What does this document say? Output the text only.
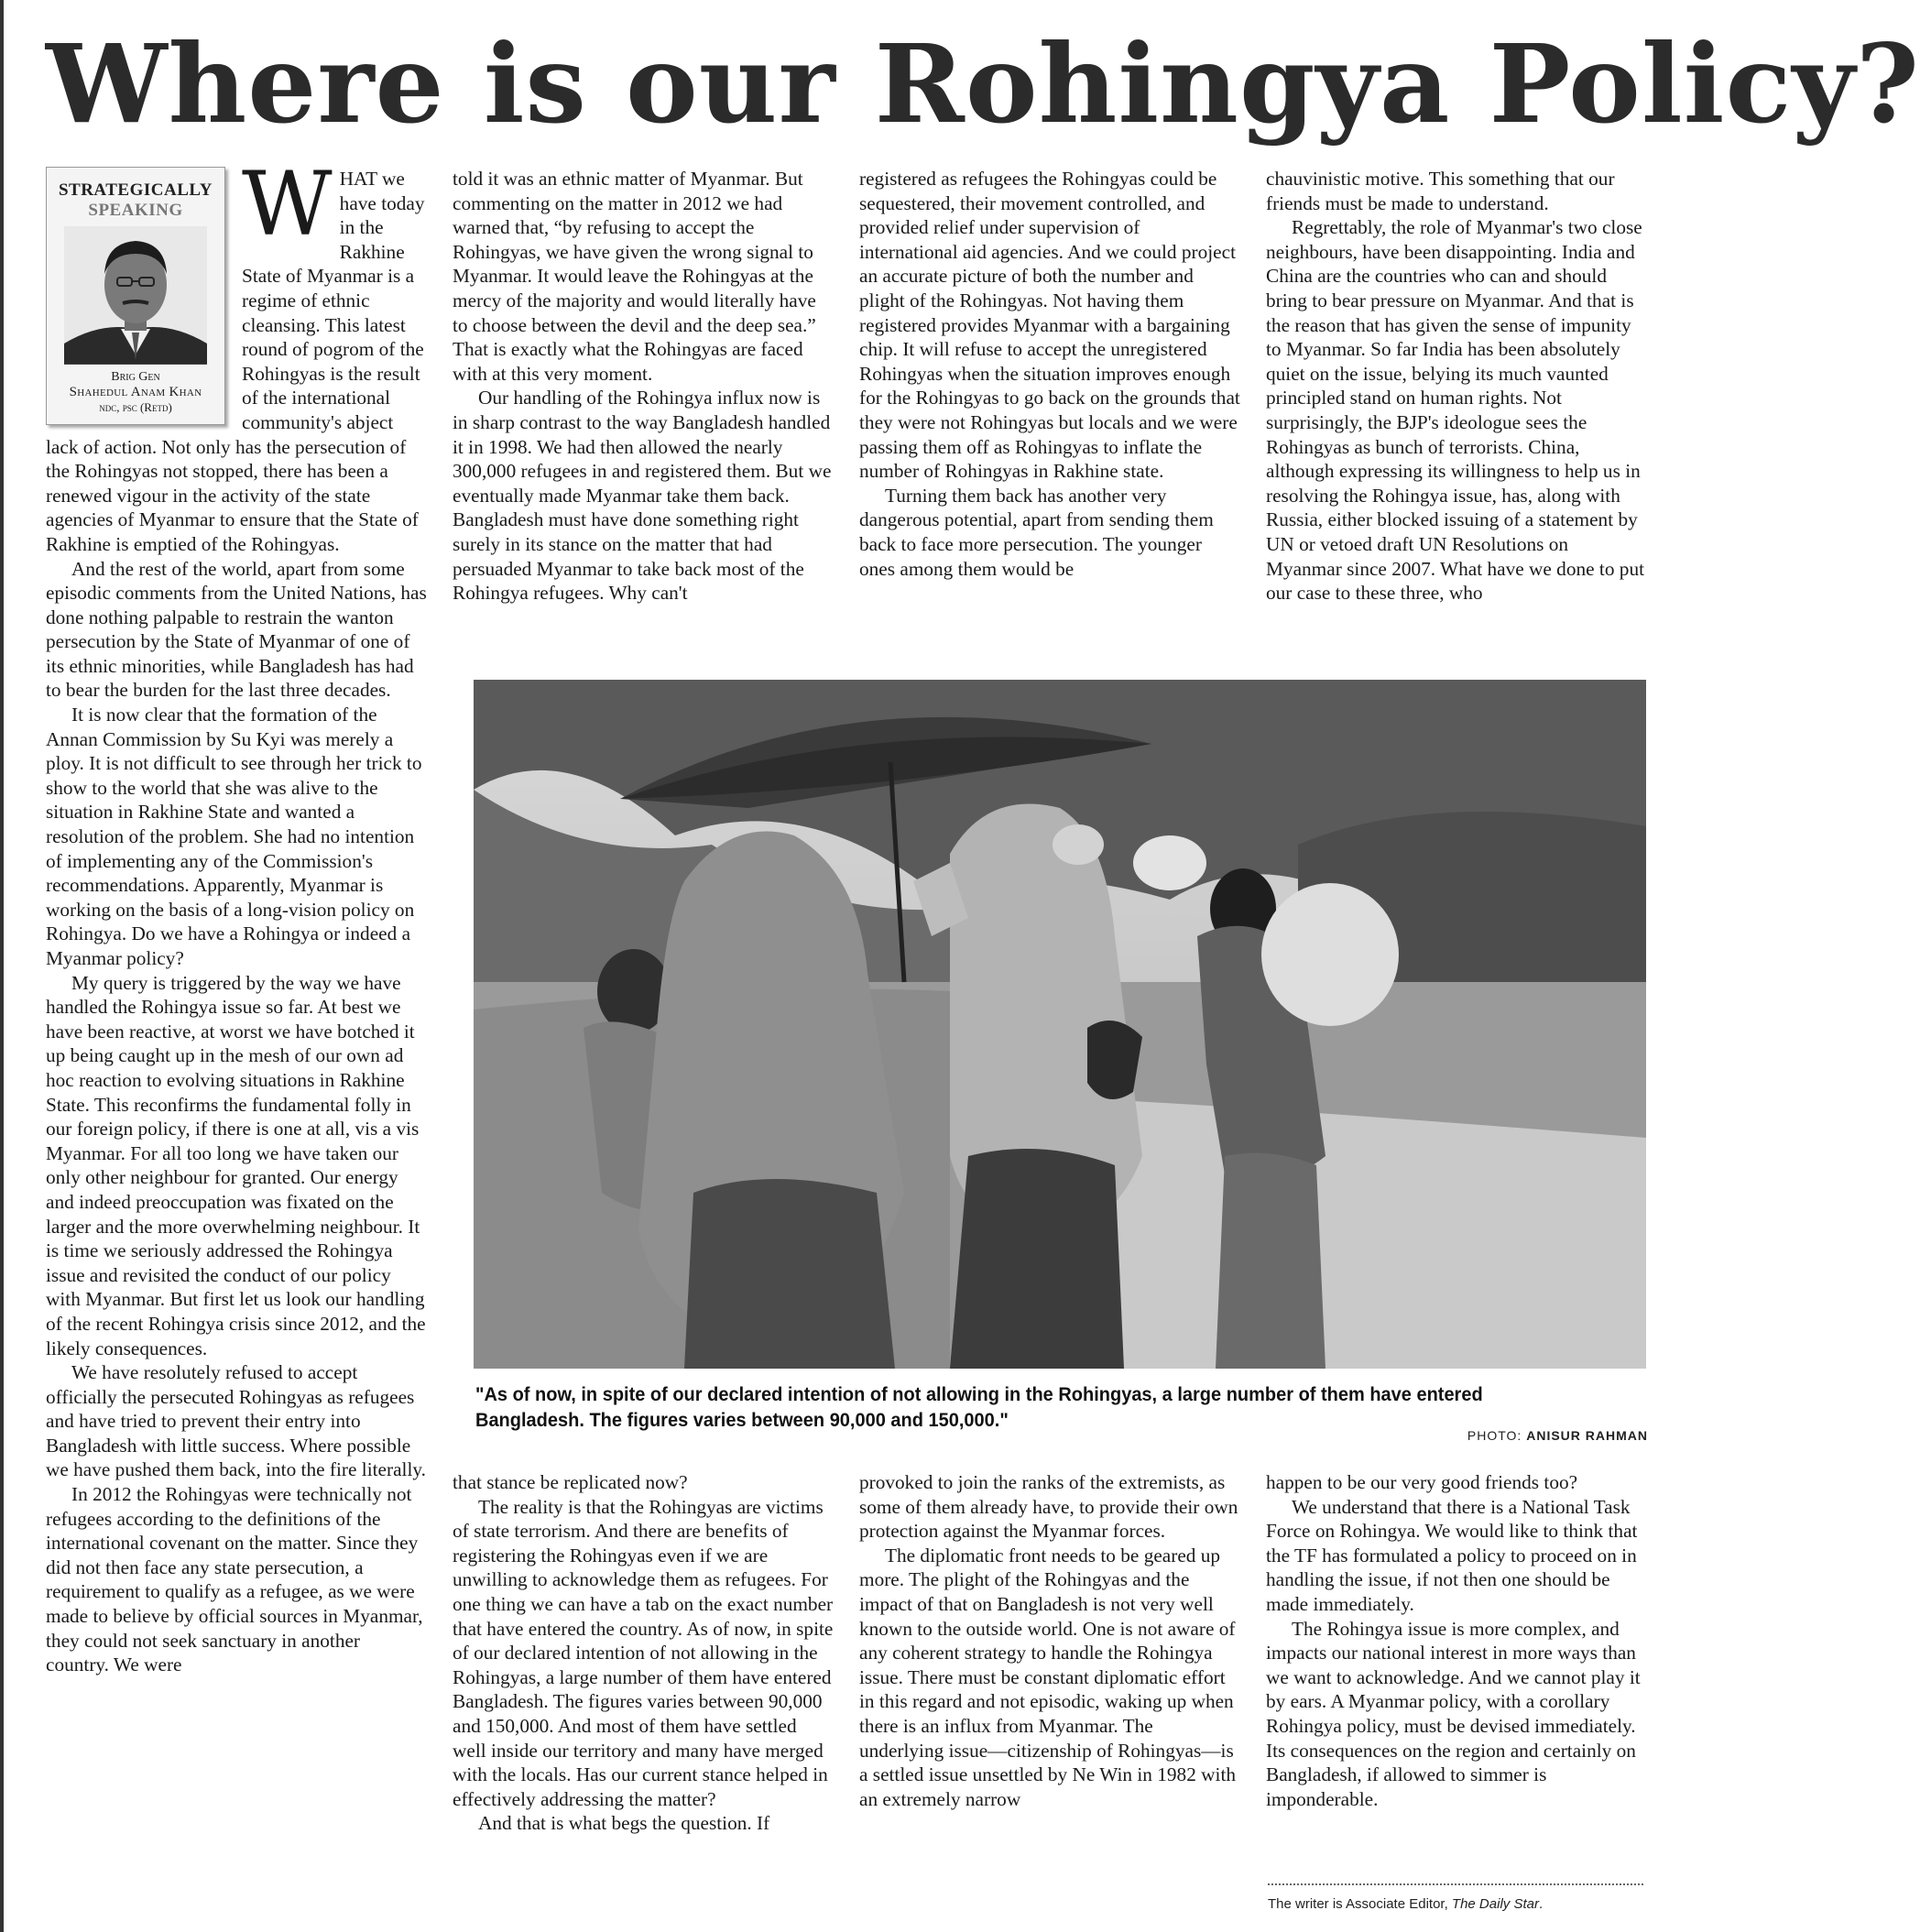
Where is our Rohingya Policy?
STRATEGICALLY
SPEAKING
Brig Gen
Shahedul Anam Khan
ndc, psc (Retd)
W HAT we have today in the Rakhine State of Myanmar is a regime of ethnic cleansing. This latest round of pogrom of the Rohingyas is the result of the international community's abject lack of action. Not only has the persecution of the Rohingyas not stopped, there has been a renewed vigour in the activity of the state agencies of Myanmar to ensure that the State of Rakhine is emptied of the Rohingyas.

And the rest of the world, apart from some episodic comments from the United Nations, has done nothing palpable to restrain the wanton persecution by the State of Myanmar of one of its ethnic minorities, while Bangladesh has had to bear the burden for the last three decades.

It is now clear that the formation of the Annan Commission by Su Kyi was merely a ploy. It is not difficult to see through her trick to show to the world that she was alive to the situation in Rakhine State and wanted a resolution of the problem. She had no intention of implementing any of the Commission's recommendations. Apparently, Myanmar is working on the basis of a long-vision policy on Rohingya. Do we have a Rohingya or indeed a Myanmar policy?

My query is triggered by the way we have handled the Rohingya issue so far. At best we have been reactive, at worst we have botched it up being caught up in the mesh of our own ad hoc reaction to evolving situations in Rakhine State. This reconfirms the fundamental folly in our foreign policy, if there is one at all, vis a vis Myanmar. For all too long we have taken our only other neighbour for granted. Our energy and indeed preoccupation was fixated on the larger and the more overwhelming neighbour. It is time we seriously addressed the Rohingya issue and revisited the conduct of our policy with Myanmar. But first let us look our handling of the recent Rohingya crisis since 2012, and the likely consequences.

We have resolutely refused to accept officially the persecuted Rohingyas as refugees and have tried to prevent their entry into Bangladesh with little success. Where possible we have pushed them back, into the fire literally.

In 2012 the Rohingyas were technically not refugees according to the definitions of the international covenant on the matter. Since they did not then face any state persecution, a requirement to qualify as a refugee, as we were made to believe by official sources in Myanmar, they could not seek sanctuary in another country. We were

told it was an ethnic matter of Myanmar. But commenting on the matter in 2012 we had warned that, “by refusing to accept the Rohingyas, we have given the wrong signal to Myanmar. It would leave the Rohingyas at the mercy of the majority and would literally have to choose between the devil and the deep sea.” That is exactly what the Rohingyas are faced with at this very moment.

Our handling of the Rohingya influx now is in sharp contrast to the way Bangladesh handled it in 1998. We had then allowed the nearly 300,000 refugees in and registered them. But we eventually made Myanmar take them back. Bangladesh must have done something right surely in its stance on the matter that had persuaded Myanmar to take back most of the Rohingya refugees. Why can't

registered as refugees the Rohingyas could be sequestered, their movement controlled, and provided relief under supervision of international aid agencies. And we could project an accurate picture of both the number and plight of the Rohingyas. Not having them registered provides Myanmar with a bargaining chip. It will refuse to accept the unregistered Rohingyas when the situation improves enough for the Rohingyas to go back on the grounds that they were not Rohingyas but locals and we were passing them off as Rohingyas to inflate the number of Rohingyas in Rakhine state.

Turning them back has another very dangerous potential, apart from sending them back to face more persecution. The younger ones among them would be

chauvinistic motive. This something that our friends must be made to understand.

Regrettably, the role of Myanmar's two close neighbours, have been disappointing. India and China are the countries who can and should bring to bear pressure on Myanmar. And that is the reason that has given the sense of impunity to Myanmar. So far India has been absolutely quiet on the issue, belying its much vaunted principled stand on human rights. Not surprisingly, the BJP's ideologue sees the Rohingyas as bunch of terrorists. China, although expressing its willingness to help us in resolving the Rohingya issue, has, along with Russia, either blocked issuing of a statement by UN or vetoed draft UN Resolutions on Myanmar since 2007. What have we done to put our case to these three, who

"As of now, in spite of our declared intention of not allowing in the Rohingyas, a large number of them have entered Bangladesh. The figures varies between 90,000 and 150,000."

PHOTO: ANISUR RAHMAN

that stance be replicated now?

The reality is that the Rohingyas are victims of state terrorism. And there are benefits of registering the Rohingyas even if we are unwilling to acknowledge them as refugees. For one thing we can have a tab on the exact number that have entered the country. As of now, in spite of our declared intention of not allowing in the Rohingyas, a large number of them have entered Bangladesh. The figures varies between 90,000 and 150,000. And most of them have settled well inside our territory and many have merged with the locals. Has our current stance helped in effectively addressing the matter?

And that is what begs the question. If

provoked to join the ranks of the extremists, as some of them already have, to provide their own protection against the Myanmar forces.

The diplomatic front needs to be geared up more. The plight of the Rohingyas and the impact of that on Bangladesh is not very well known to the outside world. One is not aware of any coherent strategy to handle the Rohingya issue. There must be constant diplomatic effort in this regard and not episodic, waking up when there is an influx from Myanmar. The underlying issue—citizenship of Rohingyas—is a settled issue unsettled by Ne Win in 1982 with an extremely narrow

happen to be our very good friends too?

We understand that there is a National Task Force on Rohingya. We would like to think that the TF has formulated a policy to proceed on in handling the issue, if not then one should be made immediately.

The Rohingya issue is more complex, and impacts our national interest in more ways than we want to acknowledge. And we cannot play it by ears. A Myanmar policy, with a corollary Rohingya policy, must be devised immediately. Its consequences on the region and certainly on Bangladesh, if allowed to simmer is imponderable.

The writer is Associate Editor, The Daily Star.
